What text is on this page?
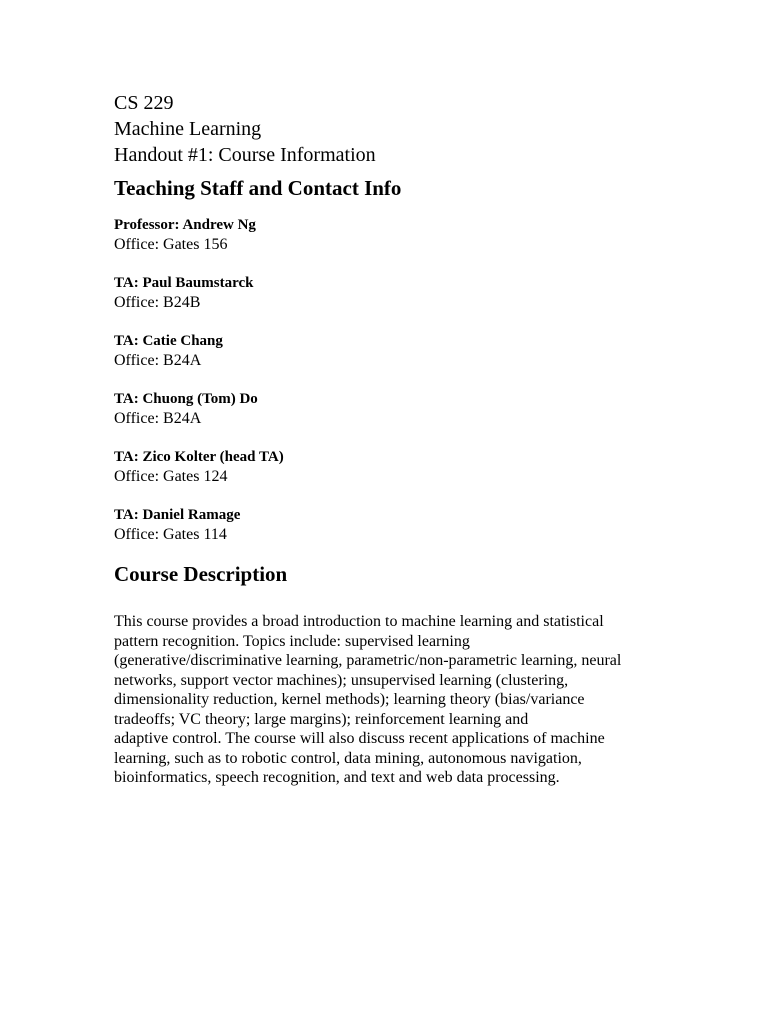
CS 229
Machine Learning
Handout #1: Course Information
Teaching Staff and Contact Info
Professor: Andrew Ng
Office: Gates 156
TA: Paul Baumstarck
Office: B24B
TA: Catie Chang
Office: B24A
TA: Chuong (Tom) Do
Office: B24A
TA: Zico Kolter (head TA)
Office: Gates 124
TA: Daniel Ramage
Office: Gates 114
Course Description
This course provides a broad introduction to machine learning and statistical
pattern recognition. Topics include: supervised learning
(generative/discriminative learning, parametric/non-parametric learning, neural
networks, support vector machines); unsupervised learning (clustering,
dimensionality reduction, kernel methods); learning theory (bias/variance
tradeoffs; VC theory; large margins); reinforcement learning and
adaptive control. The course will also discuss recent applications of machine
learning, such as to robotic control, data mining, autonomous navigation,
bioinformatics, speech recognition, and text and web data processing.
